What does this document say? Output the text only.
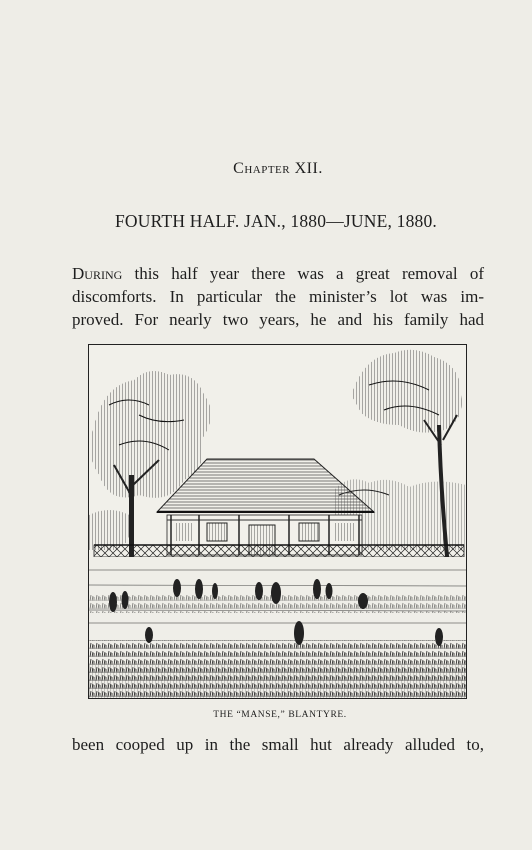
Chapter XII.
FOURTH HALF. JAN., 1880—JUNE, 1880.
During this half year there was a great removal of
discomforts. In particular the minister’s lot was im-
proved. For nearly two years, he and his family had
THE “MANSE,” BLANTYRE.
been cooped up in the small hut already alluded to,
